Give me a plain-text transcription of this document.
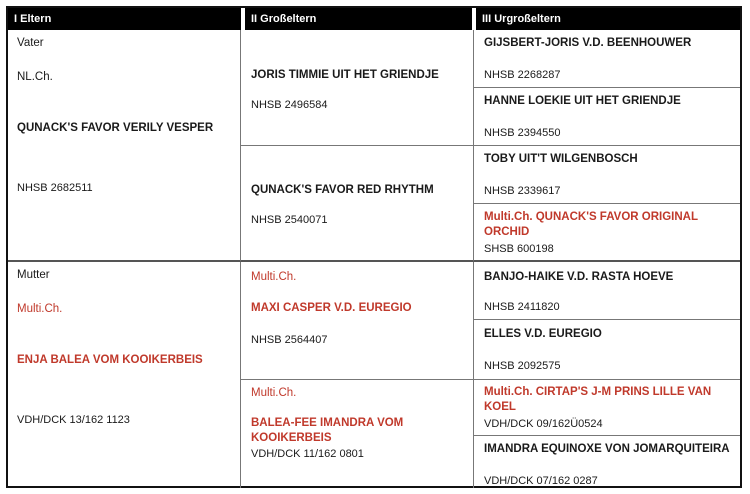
I Eltern	II Großeltern	III Urgroßeltern

Vater

NL.Ch.

QUNACK'S FAVOR VERILY VESPER

NHSB 2682511

Mutter

Multi.Ch.

ENJA BALEA VOM KOOIKERBEIS

VDH/DCK 13/162 1123

JORIS TIMMIE UIT HET GRIENDJE

NHSB 2496584

QUNACK'S FAVOR RED RHYTHM

NHSB 2540071

Multi.Ch.

MAXI CASPER V.D. EUREGIO

NHSB 2564407

Multi.Ch.

BALEA-FEE IMANDRA VOM KOOIKERBEIS

VDH/DCK 11/162 0801

GIJSBERT-JORIS V.D. BEENHOUWER

NHSB 2268287

HANNE LOEKIE UIT HET GRIENDJE

NHSB 2394550

TOBY UIT'T WILGENBOSCH

NHSB 2339617

Multi.Ch. QUNACK'S FAVOR ORIGINAL ORCHID

SHSB 600198

BANJO-HAIKE V.D. RASTA HOEVE

NHSB 2411820

ELLES V.D. EUREGIO

NHSB 2092575

Multi.Ch. CIRTAP'S J-M PRINS LILLE VAN KOEL

VDH/DCK 09/162Ü0524

IMANDRA EQUINOXE VON JOMARQUITEIRA

VDH/DCK 07/162 0287
